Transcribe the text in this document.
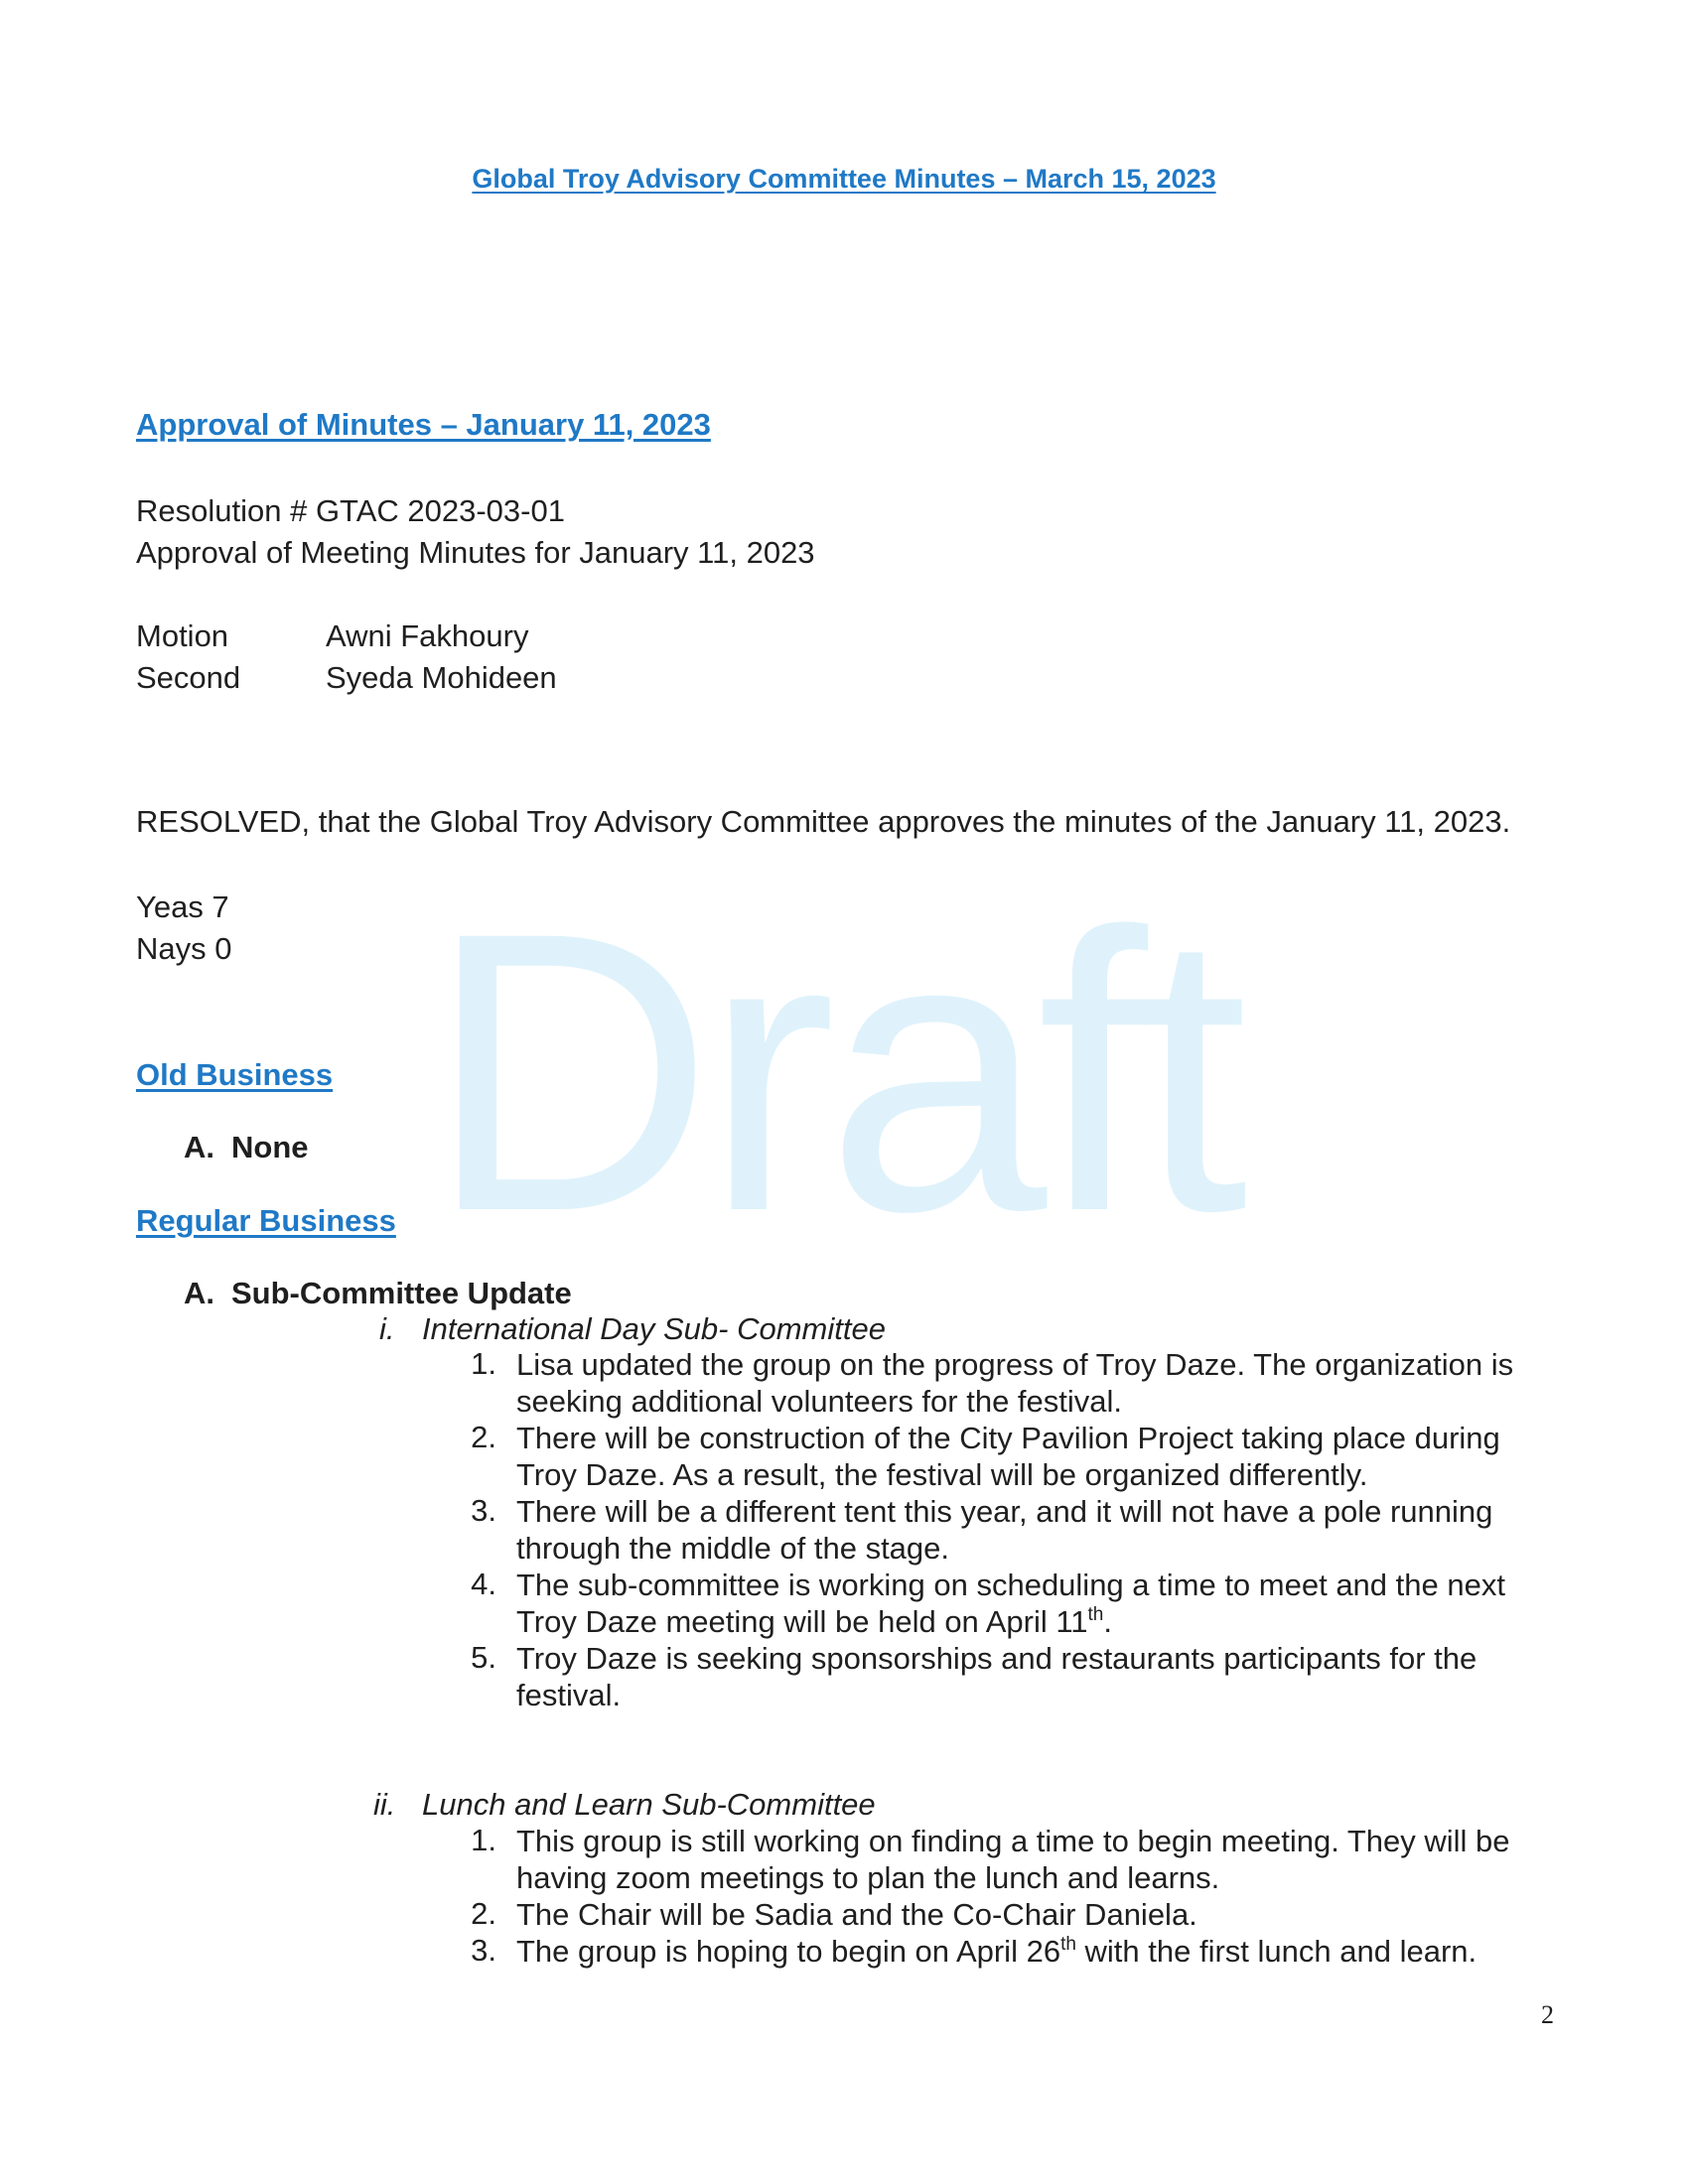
Draft
Global Troy Advisory Committee Minutes – March 15, 2023
Approval of Minutes – January 11, 2023
Resolution # GTAC 2023-03-01
Approval of Meeting Minutes for January 11, 2023
Motion	Awni Fakhoury
Second	Syeda Mohideen
RESOLVED, that the Global Troy Advisory Committee approves the minutes of the January 11, 2023.
Yeas 7
Nays 0
Old Business
A. None
Regular Business
A. Sub-Committee Update
i. International Day Sub- Committee
1. Lisa updated the group on the progress of Troy Daze. The organization is seeking additional volunteers for the festival.
2. There will be construction of the City Pavilion Project taking place during Troy Daze. As a result, the festival will be organized differently.
3. There will be a different tent this year, and it will not have a pole running through the middle of the stage.
4. The sub-committee is working on scheduling a time to meet and the next Troy Daze meeting will be held on April 11th.
5. Troy Daze is seeking sponsorships and restaurants participants for the festival.
ii. Lunch and Learn Sub-Committee
1. This group is still working on finding a time to begin meeting. They will be having zoom meetings to plan the lunch and learns.
2. The Chair will be Sadia and the Co-Chair Daniela.
3. The group is hoping to begin on April 26th with the first lunch and learn.
2
